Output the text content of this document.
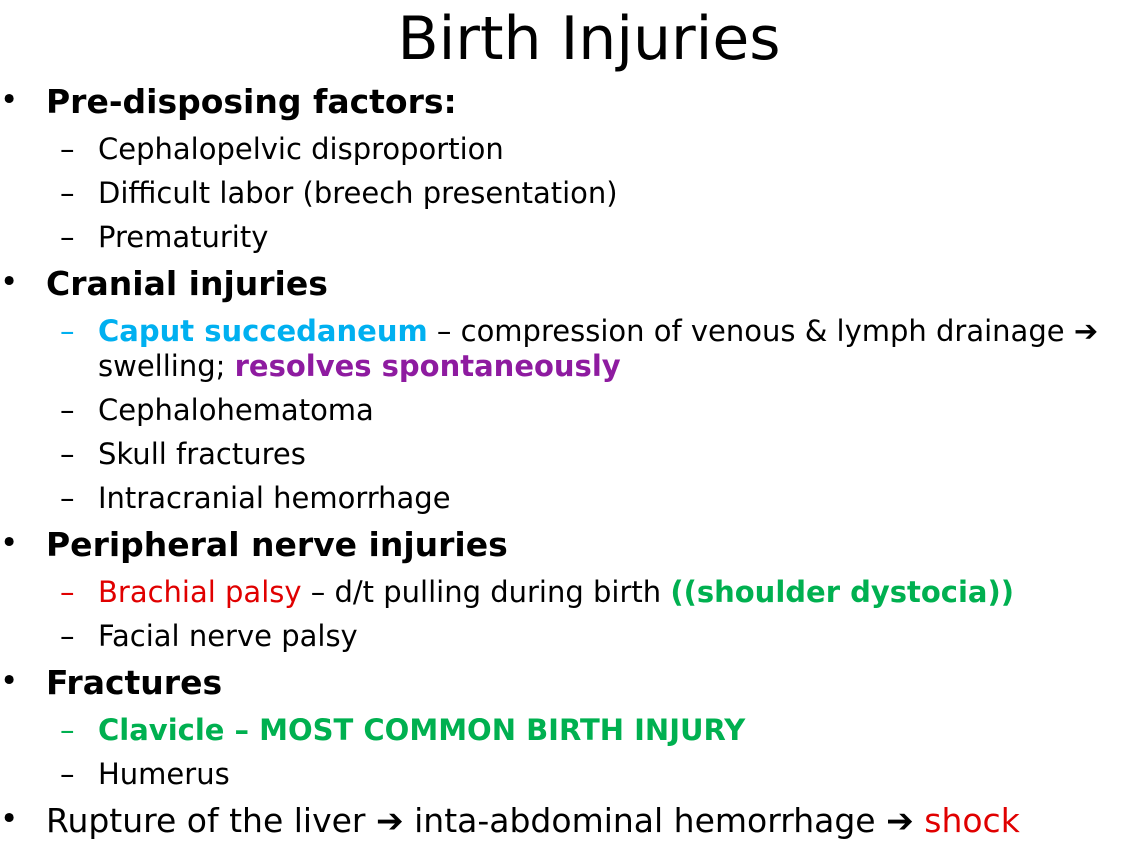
Birth Injuries
• Pre-disposing factors:
– Cephalopelvic disproportion
– Difficult labor (breech presentation)
– Prematurity
• Cranial injuries
– Caput succedaneum – compression of venous & lymph drainage ➔
swelling; resolves spontaneously
– Cephalohematoma
– Skull fractures
– Intracranial hemorrhage
• Peripheral nerve injuries
– Brachial palsy – d/t pulling during birth ((shoulder dystocia))
– Facial nerve palsy
• Fractures
– Clavicle – MOST COMMON BIRTH INJURY
– Humerus
• Rupture of the liver ➔ inta-abdominal hemorrhage ➔ shock
